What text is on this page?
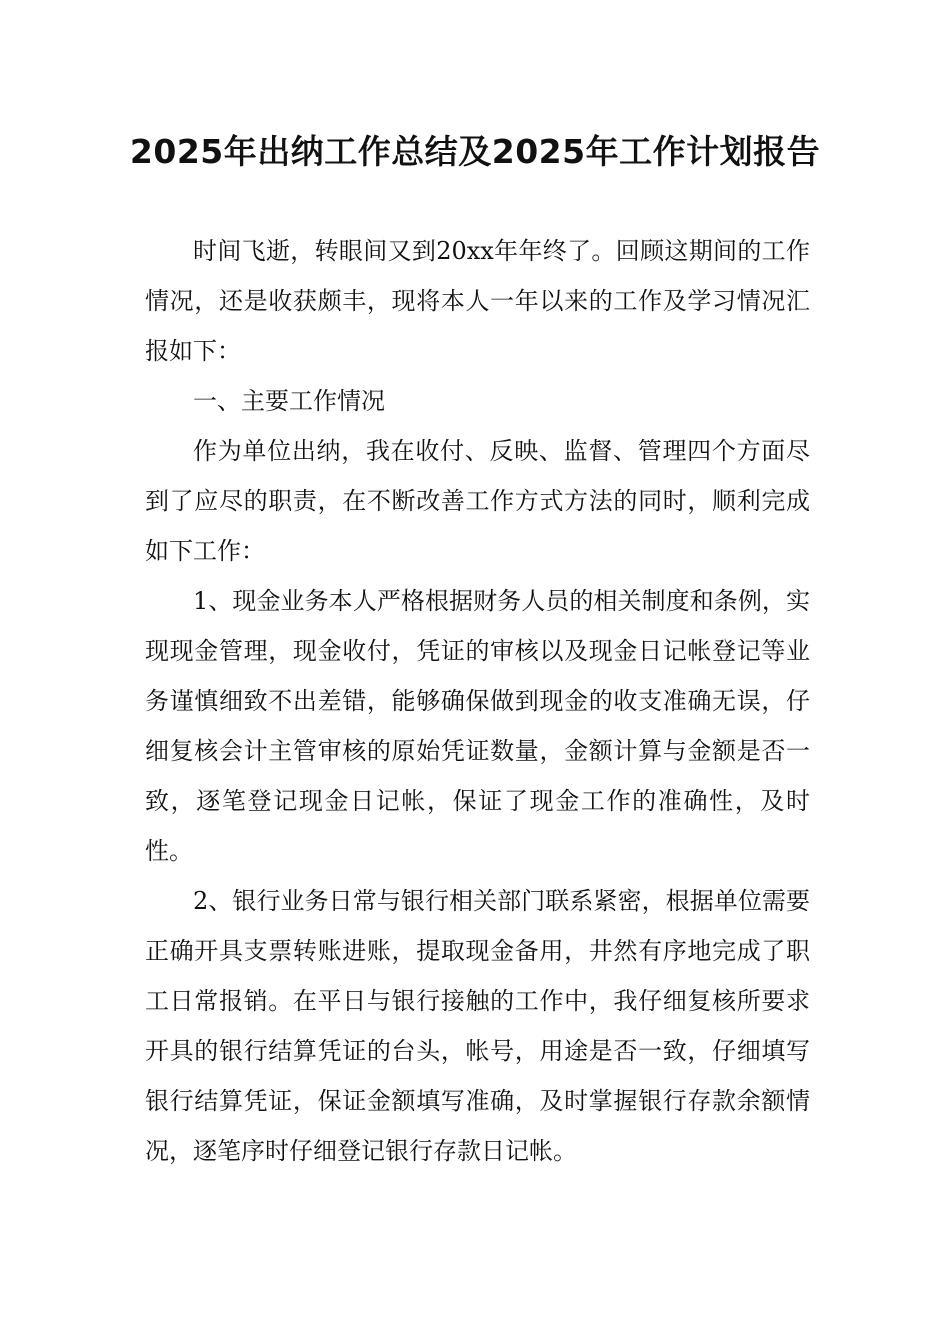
2025年出纳工作总结及2025年工作计划报告

时间飞逝，转眼间又到20xx年年终了。回顾这期间的工作情况，还是收获颇丰，现将本人一年以来的工作及学习情况汇报如下：

一、主要工作情况

作为单位出纳，我在收付、反映、监督、管理四个方面尽到了应尽的职责，在不断改善工作方式方法的同时，顺利完成如下工作：

1、现金业务本人严格根据财务人员的相关制度和条例，实现现金管理，现金收付，凭证的审核以及现金日记帐登记等业务谨慎细致不出差错，能够确保做到现金的收支准确无误，仔细复核会计主管审核的原始凭证数量，金额计算与金额是否一致，逐笔登记现金日记帐，保证了现金工作的准确性，及时性。

2、银行业务日常与银行相关部门联系紧密，根据单位需要正确开具支票转账进账，提取现金备用，井然有序地完成了职工日常报销。在平日与银行接触的工作中，我仔细复核所要求开具的银行结算凭证的台头，帐号，用途是否一致，仔细填写银行结算凭证，保证金额填写准确，及时掌握银行存款余额情况，逐笔序时仔细登记银行存款日记帐。
